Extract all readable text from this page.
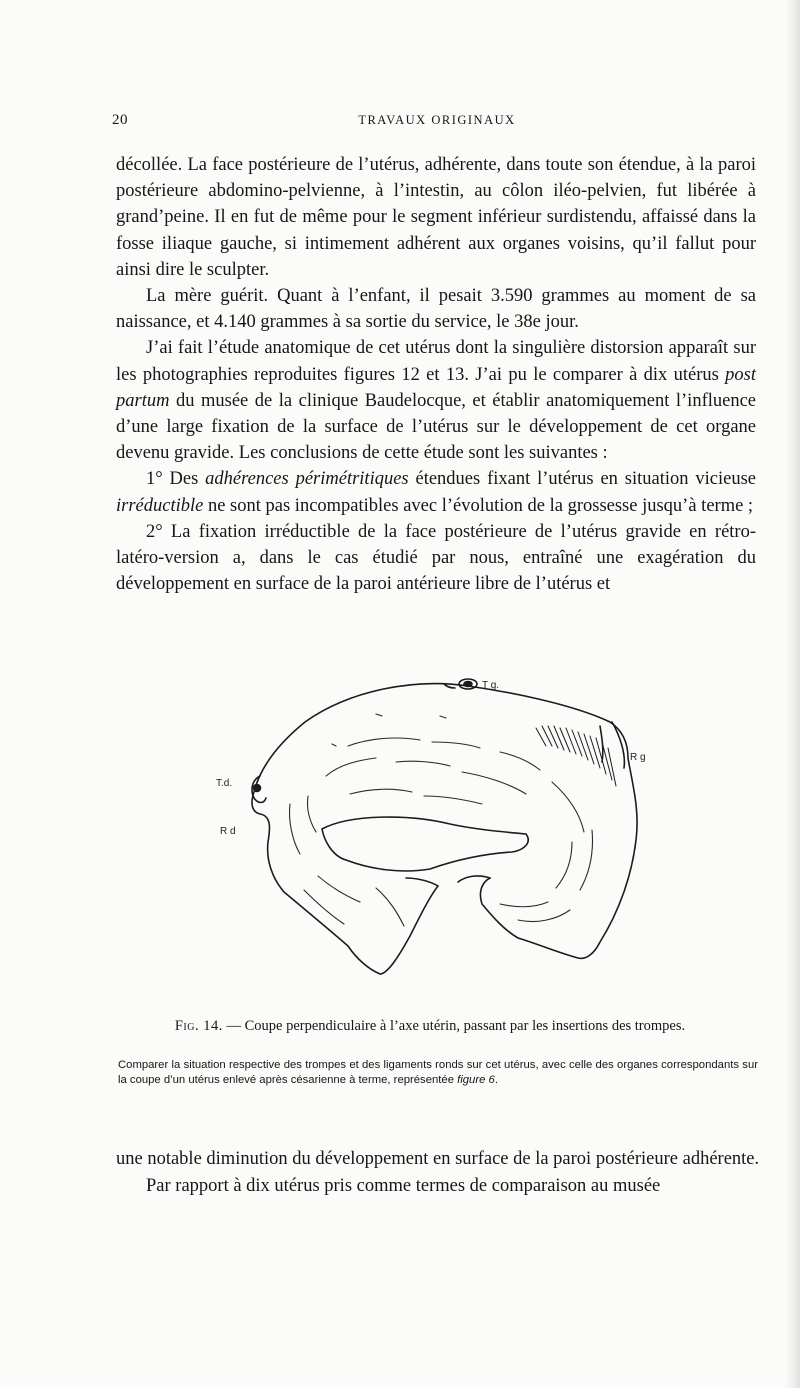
20	TRAVAUX ORIGINAUX

décollée. La face postérieure de l’utérus, adhérente, dans toute son étendue, à la paroi postérieure abdomino-pelvienne, à l’intestin, au côlon iléo-pelvien, fut libérée à grand’peine. Il en fut de même pour le segment inférieur surdistendu, affaissé dans la fosse iliaque gauche, si intimement adhérent aux organes voisins, qu’il fallut pour ainsi dire le sculpter.

La mère guérit. Quant à l’enfant, il pesait 3.590 grammes au moment de sa naissance, et 4.140 grammes à sa sortie du service, le 38e jour.

J’ai fait l’étude anatomique de cet utérus dont la singulière distorsion apparaît sur les photographies reproduites figures 12 et 13. J’ai pu le comparer à dix utérus post partum du musée de la clinique Baudelocque, et établir anatomiquement l’influence d’une large fixation de la surface de l’utérus sur le développement de cet organe devenu gravide. Les conclusions de cette étude sont les suivantes :

1° Des adhérences périmétritiques étendues fixant l’utérus en situation vicieuse irréductible ne sont pas incompatibles avec l’évolution de la grossesse jusqu’à terme ;

2° La fixation irréductible de la face postérieure de l’utérus gravide en rétro-latéro-version a, dans le cas étudié par nous, entraîné une exagération du développement en surface de la paroi antérieure libre de l’utérus et

T g.
R g
T.d.
R d
Fig. 14. — Coupe perpendiculaire à l’axe utérin, passant par les insertions des trompes.
Comparer la situation respective des trompes et des ligaments ronds sur cet utérus, avec celle des organes correspondants sur la coupe d’un utérus enlevé après césarienne à terme, représentée figure 6.

une notable diminution du développement en surface de la paroi postérieure adhérente.

Par rapport à dix utérus pris comme termes de comparaison au musée
